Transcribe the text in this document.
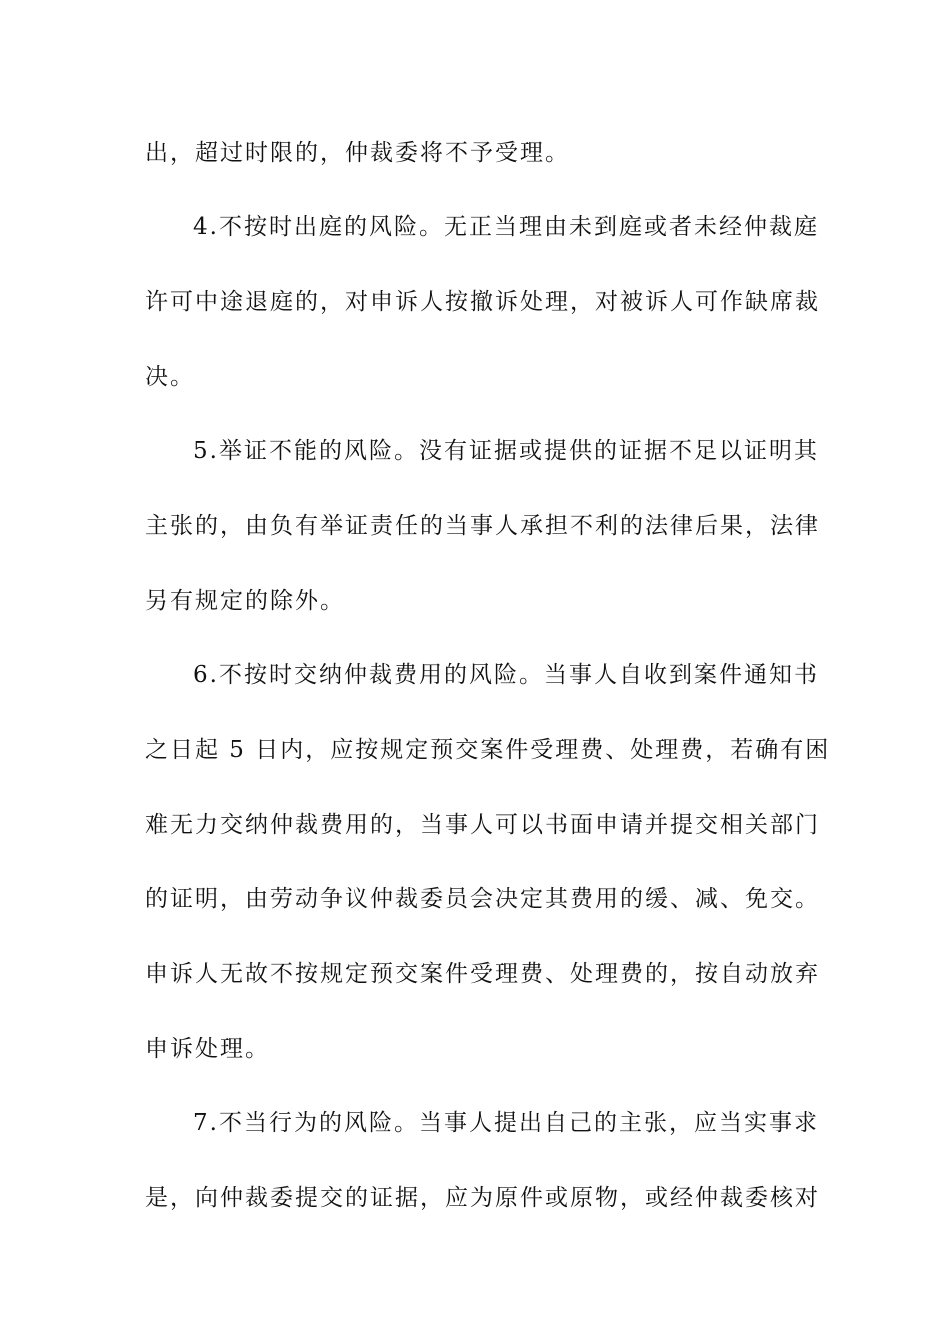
出，超过时限的，仲裁委将不予受理。
4.不按时出庭的风险。无正当理由未到庭或者未经仲裁庭
许可中途退庭的，对申诉人按撤诉处理，对被诉人可作缺席裁
决。
5.举证不能的风险。没有证据或提供的证据不足以证明其
主张的，由负有举证责任的当事人承担不利的法律后果，法律
另有规定的除外。
6.不按时交纳仲裁费用的风险。当事人自收到案件通知书
之日起 5 日内，应按规定预交案件受理费、处理费，若确有困
难无力交纳仲裁费用的，当事人可以书面申请并提交相关部门
的证明，由劳动争议仲裁委员会决定其费用的缓、减、免交。
申诉人无故不按规定预交案件受理费、处理费的，按自动放弃
申诉处理。
7.不当行为的风险。当事人提出自己的主张，应当实事求
是，向仲裁委提交的证据，应为原件或原物，或经仲裁委核对
